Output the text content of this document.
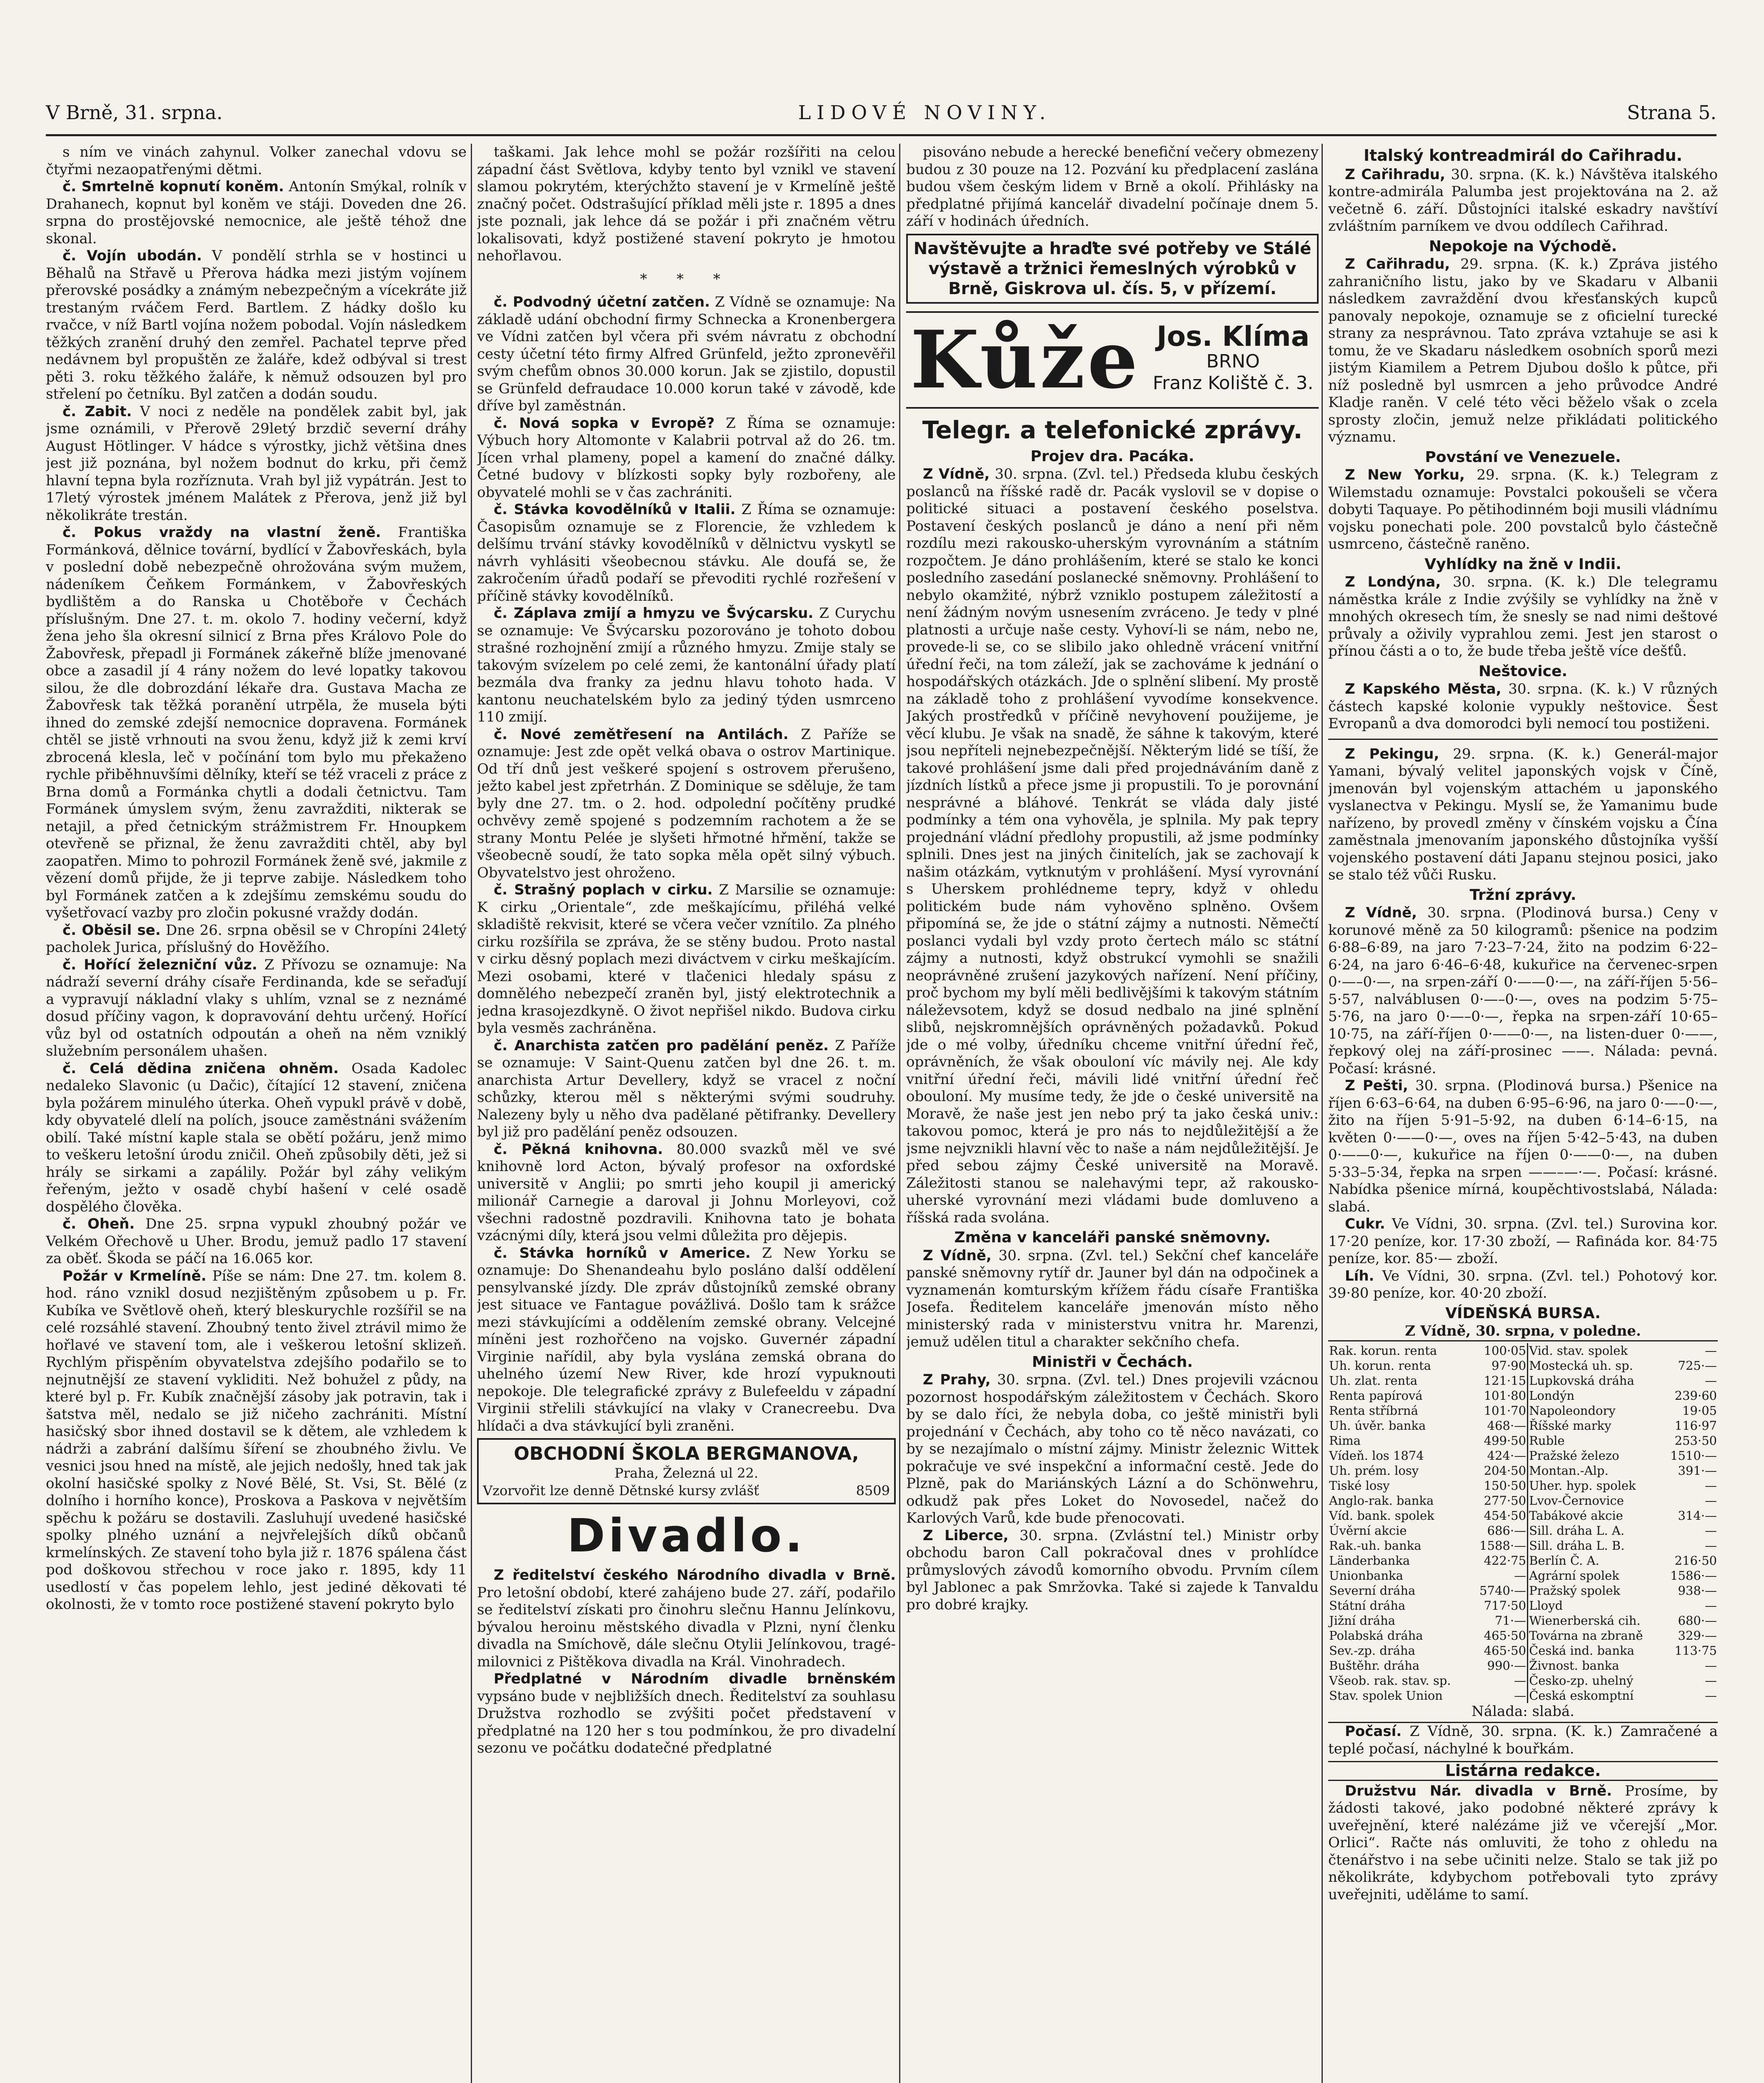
V Brně, 31. srpna.	LIDOVÉ NOVINY.	Strana 5.

s ním ve vinách zahynul. Volker zanechal vdovu se čtyřmi nezaopatřenými dětmi.

č. Smrtelně kopnutí koněm. Antonín Smýkal, rolník v Drahanech, kopnut byl koněm ve stáji. Doveden dne 26. srpna do prostějovské nemocnice, ale ještě téhož dne skonal.

č. Vojín ubodán. V pondělí strhla se v hostinci u Běhalů na Střavě u Přerova hádka mezi jistým vojínem přerovské posádky a známým nebezpečným a vícekráte již trestaným rváčem Ferd. Bartlem. Z hádky došlo ku rvačce, v níž Bartl vojína nožem pobodal. Vojín následkem těžkých zranění druhý den zemřel. Pachatel teprve před nedávnem byl propuštěn ze žaláře, kdež odbýval si trest pěti 3. roku těžkého žaláře, k němuž odsouzen byl pro střelení po četníku. Byl zatčen a dodán soudu.

č. Zabit. V noci z neděle na pondělek zabit byl, jak jsme oznámili, v Přerově 29letý brzdič severní dráhy August Hötlinger. V hádce s výrostky, jichž většina dnes jest již poznána, byl nožem bodnut do krku, při čemž hlavní tepna byla rozříznuta. Vrah byl již vypátrán. Jest to 17letý výrostek jménem Malátek z Přerova, jenž již byl několikráte trestán.

č. Pokus vraždy na vlastní ženě. Františka Formánková, dělnice tovární, bydlící v Žabovřeskách, byla v poslední době nebezpečně ohrožována svým mužem, nádeníkem Čeňkem Formánkem, v Žabovřeských bydlištěm a do Ranska u Chotěboře v Čechách příslušným. Dne 27. t. m. okolo 7. hodiny večerní, když žena jeho šla okresní silnicí z Brna přes Královo Pole do Žabovřesk, přepadl ji Formánek zákeřně blíže jmenované obce a zasadil jí 4 rány nožem do levé lopatky takovou silou, že dle dobrozdání lékaře dra. Gustava Macha ze Žabovřesk tak těžká poranění utrpěla, že musela býti ihned do zemské zdejší nemocnice dopravena. Formánek chtěl se jistě vrhnouti na svou ženu, když již k zemi krví zbrocená klesla, leč v počínání tom bylo mu překaženo rychle přiběhnuvšími dělníky, kteří se též vraceli z práce z Brna domů a Formánka chytli a dodali četnictvu. Tam Formánek úmyslem svým, ženu zavražditi, nikterak se netajil, a před četnickým strážmistrem Fr. Hnoupkem otevřeně se přiznal, že ženu zavražditi chtěl, aby byl zaopatřen. Mimo to pohrozil Formánek ženě své, jakmile z vězení domů přijde, že ji teprve zabije. Následkem toho byl Formánek zatčen a k zdejšímu zemskému soudu do vyšetřovací vazby pro zločin pokusné vraždy dodán.

č. Oběsil se. Dne 26. srpna oběsil se v Chropíni 24letý pacholek Jurica, příslušný do Hověžího.

č. Hořící železniční vůz. Z Přívozu se oznamuje: Na nádraží severní dráhy císaře Ferdinanda, kde se seřaďují a vypravují nákladní vlaky s uhlím, vznal se z neznámé dosud příčiny vagon, k dopravování dehtu určený. Hořící vůz byl od ostatních odpoután a oheň na něm vzniklý služebním personálem uhašen.

č. Celá dědina zničena ohněm. Osada Kadolec nedaleko Slavonic (u Dačic), čítající 12 stavení, zničena byla požárem minulého úterka. Oheň vypukl právě v době, kdy obyvatelé dlelí na polích, jsouce zaměstnáni svážením obilí. Také místní kaple stala se obětí požáru, jenž mimo to veškeru letošní úrodu zničil. Oheň způsobily děti, jež si hrály se sirkami a zapálily. Požár byl záhy velikým řeřeným, ježto v osadě chybí hašení v celé osadě dospělého člověka.

č. Oheň. Dne 25. srpna vypukl zhoubný požár ve Velkém Ořechově u Uher. Brodu, jemuž padlo 17 stavení za oběť. Škoda se páčí na 16.065 kor.

Požár v Krmelíně. Píše se nám: Dne 27. tm. kolem 8. hod. ráno vznikl dosud nezjištěným způsobem u p. Fr. Kubíka ve Světlově oheň, který bleskurychle rozšířil se na celé rozsáhlé stavení. Zhoubný tento živel ztrávil mimo že hořlavé ve stavení tom, ale i veškerou letošní sklizeň. Rychlým přispěním obyvatelstva zdejšího podařilo se to nejnutnější ze stavení vykliditi. Než bohužel z půdy, na které byl p. Fr. Kubík značnější zásoby jak potravin, tak i šatstva měl, nedalo se již ničeho zachrániti. Místní hasičský sbor ihned dostavil se k dětem, ale vzhledem k nádrži a zabrání dalšímu šíření se zhoubného živlu. Ve vesnici jsou hned na místě, ale jejich nedošly, hned tak jak okolní hasičské spolky z Nové Bělé, St. Vsi, St. Bělé (z dolního i horního konce), Proskova a Paskova v největším spěchu k požáru se dostavili. Zasluhují uvedené hasičské spolky plného uznání a nejvřelejších díků občanů krmelínských. Ze stavení toho byla již r. 1876 spálena část pod doškovou střechou v roce jako r. 1895, kdy 11 usedlostí v čas popelem lehlo, jest jediné děkovati té okolnosti, že v tomto roce postižené stavení pokryto bylo

taškami. Jak lehce mohl se požár rozšířiti na celou západní část Světlova, kdyby tento byl vznikl ve stavení slamou pokrytém, kterýchžto stavení je v Krmelíně ještě značný počet. Odstrašující příklad měli jste r. 1895 a dnes jste poznali, jak lehce dá se požár i při značném větru lokalisovati, když postižené stavení pokryto je hmotou nehořlavou.

* * *

č. Podvodný účetní zatčen. Z Vídně se oznamuje: Na základě udání obchodní firmy Schnecka a Kronenbergera ve Vídni zatčen byl včera při svém návratu z obchodní cesty účetní této firmy Alfred Grünfeld, ježto zpronevěřil svým chefům obnos 30.000 korun. Jak se zjistilo, dopustil se Grünfeld defraudace 10.000 korun také v závodě, kde dříve byl zaměstnán.

č. Nová sopka v Evropě? Z Říma se oznamuje: Výbuch hory Altomonte v Kalabrii potrval až do 26. tm. Jícen vrhal plameny, popel a kamení do značné dálky. Četné budovy v blízkosti sopky byly rozbořeny, ale obyvatelé mohli se v čas zachrániti.

č. Stávka kovodělníků v Italii. Z Říma se oznamuje: Časopisům oznamuje se z Florencie, že vzhledem k delšímu trvání stávky kovodělníků v dělnictvu vyskytl se návrh vyhlásiti všeobecnou stávku. Ale doufá se, že zakročením úřadů podaří se převoditi rychlé rozřešení v příčině stávky kovodělníků.

č. Záplava zmijí a hmyzu ve Švýcarsku. Z Curychu se oznamuje: Ve Švýcarsku pozorováno je tohoto dobou strašné rozhojnění zmijí a různého hmyzu. Zmije staly se takovým svízelem po celé zemi, že kantonální úřady platí bezmála dva franky za jednu hlavu tohoto hada. V kantonu neuchatelském bylo za jediný týden usmrceno 110 zmijí.

č. Nové zemětřesení na Antilách. Z Paříže se oznamuje: Jest zde opět velká obava o ostrov Martinique. Od tří dnů jest veškeré spojení s ostrovem přerušeno, ježto kabel jest zpřetrhán. Z Dominique se sděluje, že tam byly dne 27. tm. o 2. hod. odpolední počítěny prudké ochvěvy země spojené s podzemním rachotem a že se strany Montu Pelée je slyšeti hřmotné hřmění, takže se všeobecně soudí, že tato sopka měla opět silný výbuch. Obyvatelstvo jest ohroženo.

č. Strašný poplach v cirku. Z Marsilie se oznamuje: K cirku „Orientale“, zde meškajícímu, přiléhá velké skladiště rekvisit, které se včera večer vznítilo. Za plného cirku rozšířila se zpráva, že se stěny budou. Proto nastal v cirku děsný poplach mezi diváctvem v cirku meškajícím. Mezi osobami, které v tlačenici hledaly spásu z domnělého nebezpečí zraněn byl, jistý elektrotechnik a jedna krasojezdkyně. O život nepřišel nikdo. Budova cirku byla vesměs zachráněna.

č. Anarchista zatčen pro padělání peněz. Z Paříže se oznamuje: V Saint-Quenu zatčen byl dne 26. t. m. anarchista Artur Devellery, když se vracel z noční schůzky, kterou měl s některými svými soudruhy. Nalezeny byly u něho dva padělané pětifranky. Devellery byl již pro padělání peněz odsouzen.

č. Pěkná knihovna. 80.000 svazků měl ve své knihovně lord Acton, bývalý profesor na oxfordské universitě v Anglii; po smrti jeho koupil ji americký milionář Carnegie a daroval ji Johnu Morleyovi, což všechni radostně pozdravili. Knihovna tato je bohata vzácnými díly, která jsou velmi důležita pro dějepis.

č. Stávka horníků v Americe. Z New Yorku se oznamuje: Do Shenandeahu bylo posláno další oddělení pensylvanské jízdy. Dle zpráv důstojníků zemské obrany jest situace ve Fantague povážlivá. Došlo tam k srážce mezi stávkujícími a oddělením zemské obrany. Velcejné míněni jest rozhořčeno na vojsko. Guvernér západní Virginie nařídil, aby byla vyslána zemská obrana do uhelného území New River, kde hrozí vypuknouti nepokoje. Dle telegrafické zprávy z Bulefeeldu v západní Virginii střelili stávkující na vlaky v Cranecreebu. Dva hlídači a dva stávkující byli zraněni.

OBCHODNÍ ŠKOLA BERGMANOVA,
Praha, Železná ul 22.
Vzorvořit lze denně Dětnské kursy zvlášť	8509
Divadlo.

Z ředitelství českého Národního divadla v Brně. Pro letošní období, které zahájeno bude 27. září, podařilo se ředitelství získati pro činohru slečnu Hannu Jelínkovu, bývalou heroinu městského divadla v Plzni, nyní členku divadla na Smíchově, dále slečnu Otylii Jelínkovou, tragémilovnici z Pištěkova divadla na Král. Vinohradech.

Předplatné v Národním divadle brněnském vypsáno bude v nejbližších dnech. Ředitelství za souhlasu Družstva rozhodlo se zvýšiti počet představení v předplatné na 120 her s tou podmínkou, že pro divadelní sezonu ve počátku dodatečné předplatné

pisováno nebude a herecké benefiční večery obmezeny budou z 30 pouze na 12. Pozvání ku předplacení zaslána budou všem českým lidem v Brně a okolí. Přihlásky na předplatné přijímá kancelář divadelní počínaje dnem 5. září v hodinách úředních.

Navštěvujte a hraďte své potřeby ve Stálé výstavě a tržnici řemeslných výrobků v Brně, Giskrova ul. čís. 5, v přízemí.
Kůže Jos. Klíma
BRNO
Franz Koliště č. 3.
Telegr. a telefonické zprávy.
Projev dra. Pacáka.

Z Vídně, 30. srpna. (Zvl. tel.) Předseda klubu českých poslanců na říšské radě dr. Pacák vyslovil se v dopise o politické situaci a postavení českého poselstva. Postavení českých poslanců je dáno a není při něm rozdílu mezi rakousko-uherským vyrovnáním a státním rozpočtem. Je dáno prohlášením, které se stalo ke konci posledního zasedání poslanecké sněmovny. Prohlášení to nebylo okamžité, nýbrž vzniklo postupem záležitostí a není žádným novým usnesením zvráceno. Je tedy v plné platnosti a určuje naše cesty. Vyhoví-li se nám, nebo ne, provede-li se, co se slibilo jako ohledně vrácení vnitřní úřední řeči, na tom záleží, jak se zachováme k jednání o hospodářských otázkách. Jde o splnění slibení. My prostě na základě toho z prohlášení vyvodíme konsekvence. Jakých prostředků v příčině nevyhovení použijeme, je věcí klubu. Je však na snadě, že sáhne k takovým, které jsou nepříteli nejnebezpečnější. Některým lidé se tíší, že takové prohlášení jsme dali před projednáváním daně z jízdních lístků a přece jsme ji propustili. To je porovnání nesprávné a bláhové. Tenkrát se vláda daly jisté podmínky a tém ona vyhověla, je splnila. My pak tepry projednání vládní předlohy propustili, až jsme podmínky splnili. Dnes jest na jiných činitelích, jak se zachovají k našim otázkám, vytknutým v prohlášení. Mysí vyrovnání s Uherskem prohlédneme tepry, když v ohledu politickém bude nám vyhověno splněno. Ovšem připomíná se, že jde o státní zájmy a nutnosti. Němečtí poslanci vydali byl vzdy proto čertech málo sc státní zájmy a nutnosti, když obstrukcí vymohli se snažili neoprávněné zrušení jazykových nařízení. Není příčiny, proč bychom my bylí měli bedlivějšími k takovým státním náleževsotem, když se dosud nedbalo na jiné splnění slibů, nejskromnějších oprávněných požadavků. Pokud jde o mé volby, úředníku chceme vnitřní úřední řeč, oprávněních, že však obouloní víc mávily nej. Ale kdy vnitřní úřední řeči, mávili lidé vnitřní úřední řeč obouloní. My musíme tedy, že jde o české universitě na Moravě, že naše jest jen nebo prý ta jako česká univ.: takovou pomoc, která je pro nás to nejdůležitější a že jsme nejvznikli hlavní věc to naše a nám nejdůležitější. Je před sebou zájmy České universitě na Moravě. Záležitosti stanou se nalehavými tepr, až rakousko-uherské vyrovnání mezi vládami bude domluveno a říšská rada svolána.

Změna v kanceláři panské sněmovny.

Z Vídně, 30. srpna. (Zvl. tel.) Sekční chef kanceláře panské sněmovny rytíř dr. Jauner byl dán na odpočinek a vyznamenán komturským křížem řádu císaře Františka Josefa. Ředitelem kanceláře jmenován místo něho ministerský rada v ministerstvu vnitra hr. Marenzi, jemuž udělen titul a charakter sekčního chefa.

Ministři v Čechách.

Z Prahy, 30. srpna. (Zvl. tel.) Dnes projevili vzácnou pozornost hospodářským záležitostem v Čechách. Skoro by se dalo říci, že nebyla doba, co ještě ministři byli projednání v Čechách, aby toho co tě něco navázati, co by se nezajímalo o místní zájmy. Ministr železnic Wittek pokračuje ve své inspekční a informační cestě. Jede do Plzně, pak do Mariánských Lázní a do Schönwehru, odkudž pak přes Loket do Novosedel, načež do Karlových Varů, kde bude přenocovati.

Z Liberce, 30. srpna. (Zvlástní tel.) Ministr orby obchodu baron Call pokračoval dnes v prohlídce průmyslových závodů komorního obvodu. Prvním cílem byl Jablonec a pak Smržovka. Také si zajede k Tanvaldu pro dobré krajky.

Italský kontreadmirál do Cařihradu.

Z Cařihradu, 30. srpna. (K. k.) Návštěva italského kontre-admirála Palumba jest projektována na 2. až večetně 6. září. Důstojníci italské eskadry navštíví zvláštním parníkem ve dvou oddílech Cařihrad.

Nepokoje na Východě.

Z Cařihradu, 29. srpna. (K. k.) Zpráva jistého zahraničního listu, jako by ve Skadaru v Albanii následkem zavraždění dvou křesťanských kupců panovaly nepokoje, oznamuje se z oficielní turecké strany za nesprávnou. Tato zpráva vztahuje se asi k tomu, že ve Skadaru následkem osobních sporů mezi jistým Kiamilem a Petrem Djubou došlo k půtce, při níž posledně byl usmrcen a jeho průvodce André Kladje raněn. V celé této věci běželo však o zcela sprosty zločin, jemuž nelze přikládati politického významu.

Povstání ve Venezuele.

Z New Yorku, 29. srpna. (K. k.) Telegram z Wilemstadu oznamuje: Povstalci pokoušeli se včera dobyti Taquaye. Po pětihodinném boji musili vládnímu vojsku ponechati pole. 200 povstalců bylo částečně usmrceno, částečně raněno.

Vyhlídky na žně v Indii.

Z Londýna, 30. srpna. (K. k.) Dle telegramu náměstka krále z Indie zvýšily se vyhlídky na žně v mnohých okresech tím, že snesly se nad nimi deštové průvaly a oživily vyprahlou zemi. Jest jen starost o přínou části a o to, že bude třeba ještě více dešťů.

Neštovice.

Z Kapského Města, 30. srpna. (K. k.) V různých částech kapské kolonie vypukly neštovice. Šest Evropanů a dva domorodci byli nemocí tou postiženi.

Z Pekingu, 29. srpna. (K. k.) Generál-major Yamani, bývalý velitel japonských vojsk v Číně, jmenován byl vojenským attachém u japonského vyslanectva v Pekingu. Myslí se, že Yamanimu bude nařízeno, by provedl změny v čínském vojsku a Čína zaměstnala jmenovaním japonského důstojníka vyšší vojenského postavení dáti Japanu stejnou posici, jako se stalo též vůči Rusku.

Tržní zprávy.

Z Vídně, 30. srpna. (Plodinová bursa.) Ceny v korunové měně za 50 kilogramů: pšenice na podzim 6·88–6·89, na jaro 7·23–7·24, žito na podzim 6·22–6·24, na jaro 6·46–6·48, kukuřice na červenec-srpen 0·—–0·—, na srpen-září 0·——0·—, na září-říjen 5·56–5·57, nalváblusen 0·—–0·—, oves na podzim 5·75–5·76, na jaro 0·—–0·—, řepka na srpen-září 10·65–10·75, na září-říjen 0·——0·—, na listen-duer 0·——, řepkový olej na září-prosinec ——. Nálada: pevná. Počasí: krásné.

Z Pešti, 30. srpna. (Plodinová bursa.) Pšenice na říjen 6·63–6·64, na duben 6·95–6·96, na jaro 0·—–0·—, žito na říjen 5·91–5·92, na duben 6·14–6·15, na květen 0·——0·—, oves na říjen 5·42–5·43, na duben 0·——0·—, kukuřice na říjen 0·——0·—, na duben 5·33–5·34, řepka na srpen ——–—·—. Počasí: krásné. Nabídka pšenice mírná, koupěchtivostslabá, Nálada: slabá.

Cukr. Ve Vídni, 30. srpna. (Zvl. tel.) Surovina kor. 17·20 peníze, kor. 17·30 zboží, — Rafináda kor. 84·75 peníze, kor. 85·— zboží.

Líh. Ve Vídni, 30. srpna. (Zvl. tel.) Pohotový kor. 39·80 peníze, kor. 40·20 zboží.

VÍDEŇSKÁ BURSA.
Z Vídně, 30. srpna, v poledne.
Rak. korun. renta	100·05	Vid. stav. spolek	—
Uh. korun. renta	97·90	Mostecká uh. sp.	725·—
Uh. zlat. renta	121·15	Lupkovská dráha	—
Renta papírová	101·80	Londýn	239·60
Renta stříbrná	101·70	Napoleondory	19·05
Uh. úvěr. banka	468·—	Říšské marky	116·97
Rima	499·50	Ruble	253·50
Vídeň. los 1874	424·—	Pražské železo	1510·—
Uh. prém. losy	204·50	Montan.-Alp.	391·—
Tiské losy	150·50	Uher. hyp. spolek	—
Anglo-rak. banka	277·50	Lvov-Černovice	—
Víd. bank. spolek	454·50	Tabákové akcie	314·—
Úvěrní akcie	686·—	Sill. dráha L. A.	—
Rak.-uh. banka	1588·—	Sill. dráha L. B.	—
Länderbanka	422·75	Berlín Č. A.	216·50
Unionbanka	—	Agrární spolek	1586·—
Severní dráha	5740·—	Pražský spolek	938·—
Státní dráha	717·50	Lloyd	—
Jižní dráha	71·—	Wienerberská cih.	680·—
Polabská dráha	465·50	Továrna na zbraně	329·—
Sev.-zp. dráha	465·50	Česká ind. banka	113·75
Buštěhr. dráha	990·—	Živnost. banka	—
Všeob. rak. stav. sp.	—	Česko-zp. uhelný	—
Stav. spolek Union	—	Česká eskomptní	—
Nálada: slabá.

Počasí. Z Vídně, 30. srpna. (K. k.) Zamračené a teplé počasí, náchylné k bouřkám.

Listárna redakce.

Družstvu Nár. divadla v Brně. Prosíme, by žádosti takové, jako podobné některé zprávy k uveřejnění, které nalézáme již ve včerejší „Mor. Orlici“. Račte nás omluviti, že toho z ohledu na čtenářstvo i na sebe učiniti nelze. Stalo se tak již po několikráte, kdybychom potřebovali tyto zprávy uveřejniti, uděláme to samí.
